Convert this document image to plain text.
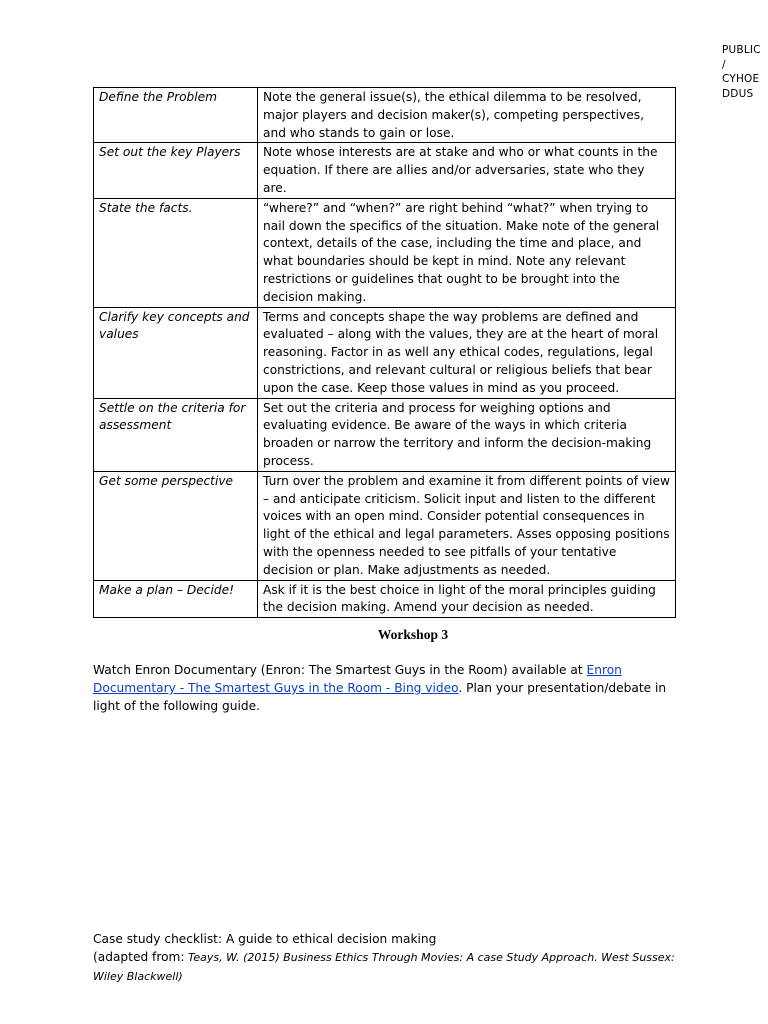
PUBLIC
/
CYHOE
DDUS
Define the Problem	Note the general issue(s), the ethical dilemma to be resolved, major players and decision maker(s), competing perspectives, and who stands to gain or lose.
Set out the key Players	Note whose interests are at stake and who or what counts in the equation. If there are allies and/or adversaries, state who they are.
State the facts.	“where?” and “when?” are right behind “what?” when trying to nail down the specifics of the situation. Make note of the general context, details of the case, including the time and place, and what boundaries should be kept in mind. Note any relevant restrictions or guidelines that ought to be brought into the decision making.
Clarify key concepts and values	Terms and concepts shape the way problems are defined and evaluated – along with the values, they are at the heart of moral reasoning. Factor in as well any ethical codes, regulations, legal constrictions, and relevant cultural or religious beliefs that bear upon the case. Keep those values in mind as you proceed.
Settle on the criteria for assessment	Set out the criteria and process for weighing options and evaluating evidence. Be aware of the ways in which criteria broaden or narrow the territory and inform the decision-making process.
Get some perspective	Turn over the problem and examine it from different points of view – and anticipate criticism. Solicit input and listen to the different voices with an open mind. Consider potential consequences in light of the ethical and legal parameters. Asses opposing positions with the openness needed to see pitfalls of your tentative decision or plan. Make adjustments as needed.
Make a plan – Decide!	Ask if it is the best choice in light of the moral principles guiding the decision making. Amend your decision as needed.
Workshop 3
Watch Enron Documentary (Enron: The Smartest Guys in the Room) available at Enron Documentary - The Smartest Guys in the Room - Bing video. Plan your presentation/debate in light of the following guide.
Case study checklist: A guide to ethical decision making
(adapted from: Teays, W. (2015) Business Ethics Through Movies: A case Study Approach. West Sussex: Wiley Blackwell)
